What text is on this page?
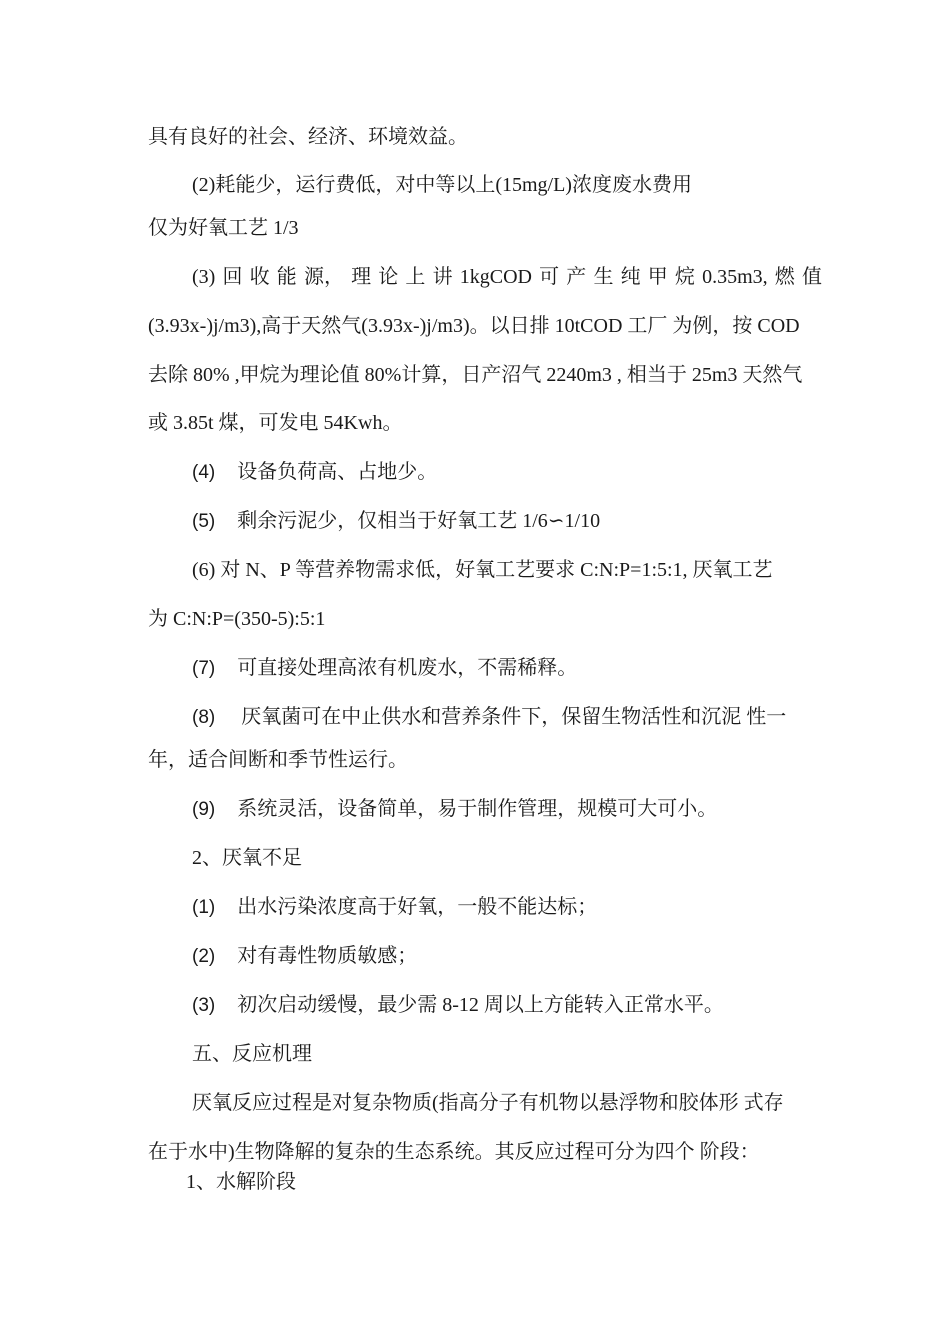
具有良好的社会、经济、环境效益。
(2)耗能少，运行费低，对中等以上(15mg/L)浓度废水费用
仅为好氧工艺 1/3
(3) 回 收 能 源， 理 论 上 讲 1kgCOD 可 产 生 纯 甲 烷 0.35m3, 燃 值
(3.93x-)j/m3),高于天然气(3.93x-)j/m3)。以日排 10tCOD 工厂 为例，按 COD
去除 80% ,甲烷为理论值 80%计算，日产沼气 2240m3 , 相当于 25m3 天然气
或 3.85t 煤，可发电 54Kwh。
(4) 设备负荷高、占地少。
(5) 剩余污泥少，仅相当于好氧工艺 1/6∽1/10
(6) 对 N、P 等营养物需求低，好氧工艺要求 C:N:P=1:5:1, 厌氧工艺
为 C:N:P=(350-5):5:1
(7) 可直接处理高浓有机废水，不需稀释。
(8) 厌氧菌可在中止供水和营养条件下，保留生物活性和沉泥 性一
年，适合间断和季节性运行。
(9) 系统灵活，设备简单，易于制作管理，规模可大可小。
2、厌氧不足
(1) 出水污染浓度高于好氧，一般不能达标；
(2) 对有毒性物质敏感；
(3) 初次启动缓慢，最少需 8-12 周以上方能转入正常水平。
五、反应机理
厌氧反应过程是对复杂物质(指高分子有机物以悬浮物和胶体形 式存
在于水中)生物降解的复杂的生态系统。其反应过程可分为四个 阶段：
1、水解阶段
